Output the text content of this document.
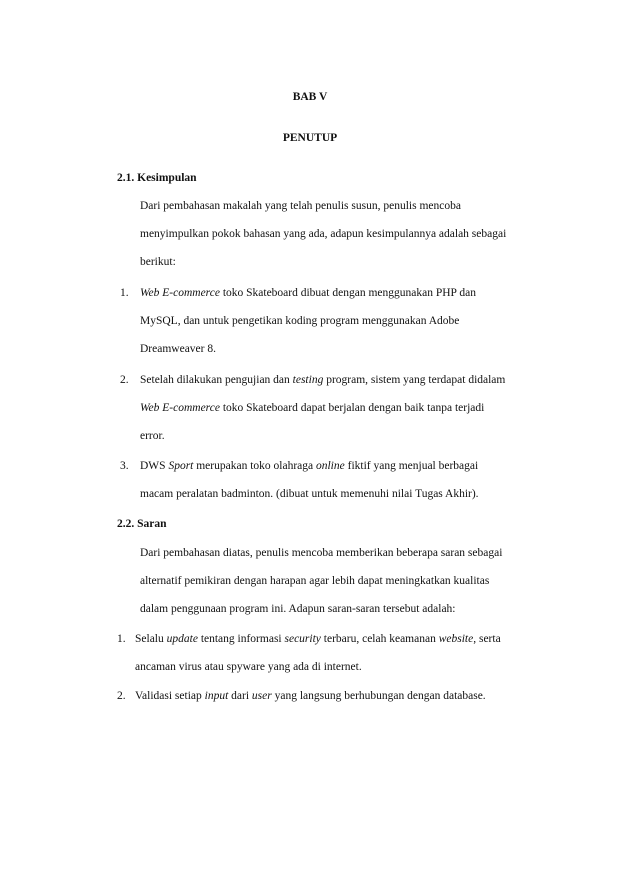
BAB V
PENUTUP
2.1. Kesimpulan
Dari pembahasan makalah yang telah penulis susun, penulis mencoba
menyimpulkan pokok bahasan yang ada, adapun kesimpulannya adalah sebagai
berikut:
1. Web E-commerce toko Skateboard dibuat dengan menggunakan PHP dan
MySQL, dan untuk pengetikan koding program menggunakan Adobe
Dreamweaver 8.
2. Setelah dilakukan pengujian dan testing program, sistem yang terdapat didalam
Web E-commerce toko Skateboard dapat berjalan dengan baik tanpa terjadi
error.
3. DWS Sport merupakan toko olahraga online fiktif yang menjual berbagai
macam peralatan badminton. (dibuat untuk memenuhi nilai Tugas Akhir).
2.2. Saran
Dari pembahasan diatas, penulis mencoba memberikan beberapa saran sebagai
alternatif pemikiran dengan harapan agar lebih dapat meningkatkan kualitas
dalam penggunaan program ini. Adapun saran-saran tersebut adalah:
1. Selalu update tentang informasi security terbaru, celah keamanan website, serta
ancaman virus atau spyware yang ada di internet.
2. Validasi setiap input dari user yang langsung berhubungan dengan database.
